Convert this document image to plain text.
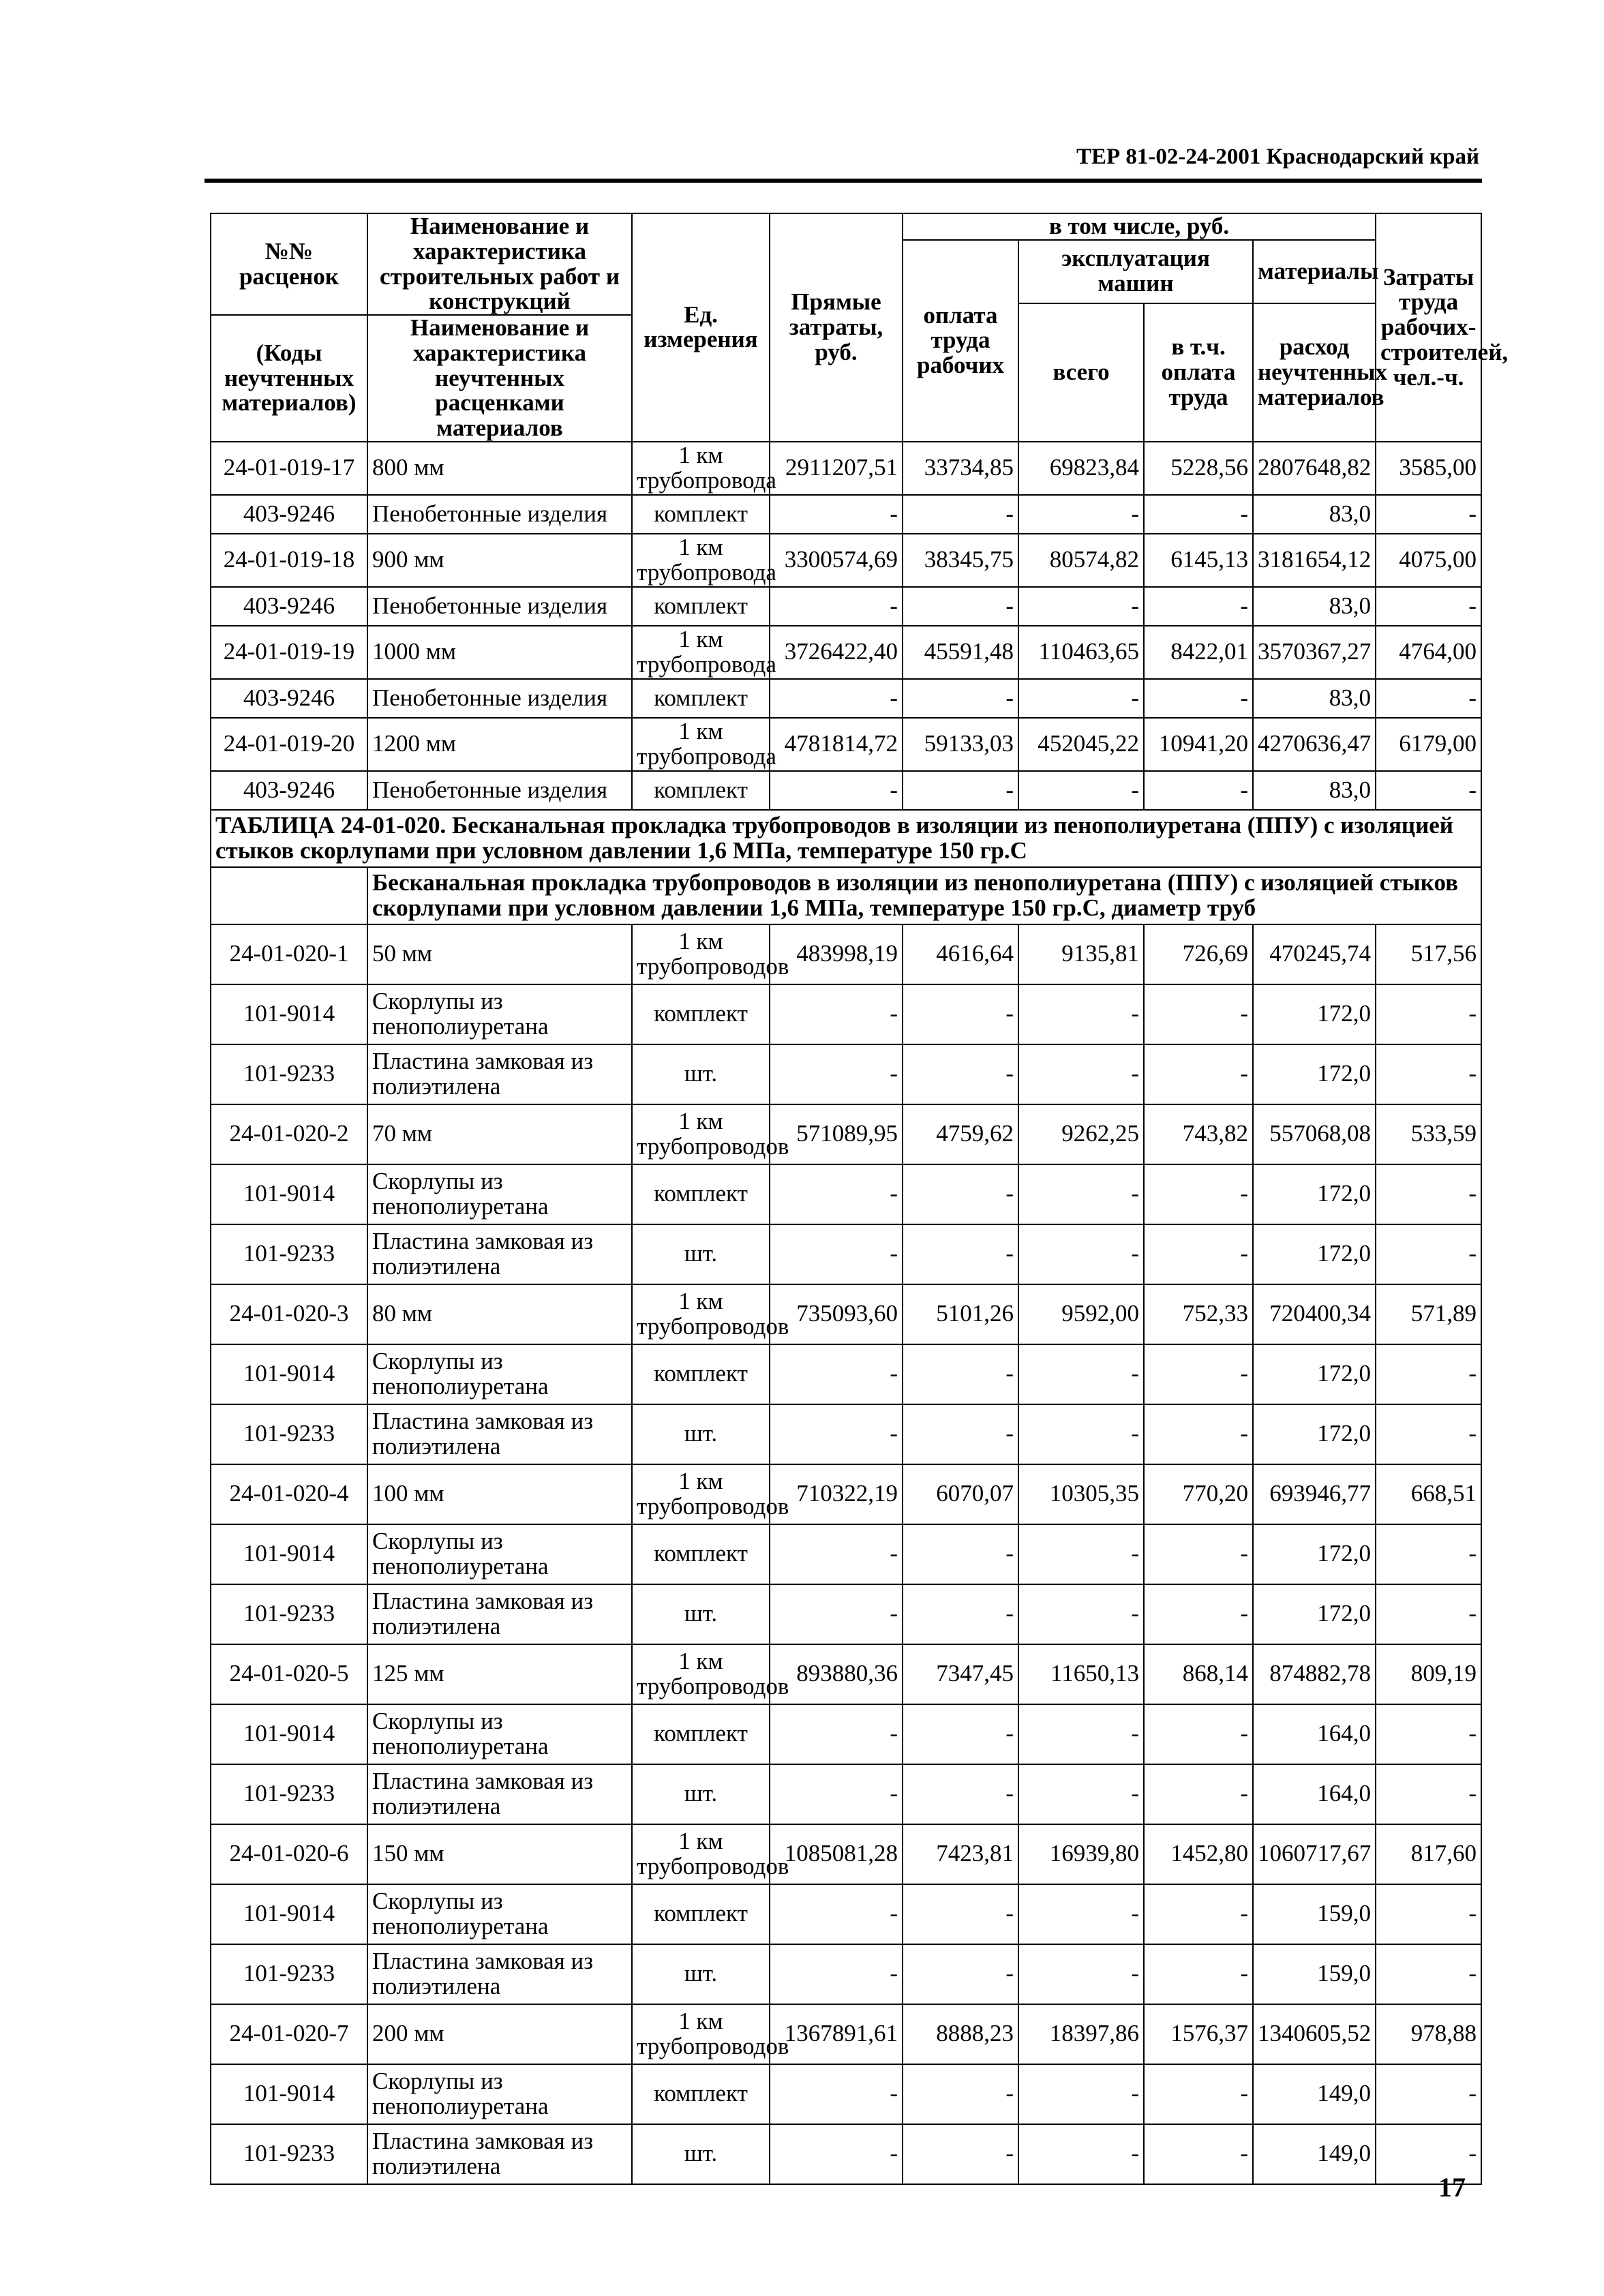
ТЕР 81-02-24-2001 Краснодарский край
№№ расценок	Наименование и характеристика строительных работ и конструкций	Ед. измерения	Прямые затраты, руб.	в том числе, руб.				Затраты труда рабочих-строителей, чел.-ч.
				оплата труда рабочих	эксплуатация машин		материалы	
					всего	в т.ч. оплата труда	расход неучтенных материалов	
(Коды неучтенных материалов)	Наименование и характеристика неучтенных расценками материалов							

24-01-019-17	800 мм	1 км трубопровода	2911207,51	33734,85	69823,84	5228,56	2807648,82	3585,00
403-9246	Пенобетонные изделия	комплект	-	-	-	-	83,0	-
24-01-019-18	900 мм	1 км трубопровода	3300574,69	38345,75	80574,82	6145,13	3181654,12	4075,00
403-9246	Пенобетонные изделия	комплект	-	-	-	-	83,0	-
24-01-019-19	1000 мм	1 км трубопровода	3726422,40	45591,48	110463,65	8422,01	3570367,27	4764,00
403-9246	Пенобетонные изделия	комплект	-	-	-	-	83,0	-
24-01-019-20	1200 мм	1 км трубопровода	4781814,72	59133,03	452045,22	10941,20	4270636,47	6179,00
403-9246	Пенобетонные изделия	комплект	-	-	-	-	83,0	-
ТАБЛИЦА 24-01-020. Бесканальная прокладка трубопроводов в изоляции из пенополиуретана (ППУ) с изоляцией стыков скорлупами при условном давлении 1,6 МПа, температуре 150 гр.С								
	Бесканальная прокладка трубопроводов в изоляции из пенополиуретана (ППУ) с изоляцией стыков скорлупами при условном давлении 1,6 МПа, температуре 150 гр.С, диаметр труб							
24-01-020-1	50 мм	1 км трубопроводов	483998,19	4616,64	9135,81	726,69	470245,74	517,56
101-9014	Скорлупы из пенополиуретана	комплект	-	-	-	-	172,0	-
101-9233	Пластина замковая из полиэтилена	шт.	-	-	-	-	172,0	-
24-01-020-2	70 мм	1 км трубопроводов	571089,95	4759,62	9262,25	743,82	557068,08	533,59
101-9014	Скорлупы из пенополиуретана	комплект	-	-	-	-	172,0	-
101-9233	Пластина замковая из полиэтилена	шт.	-	-	-	-	172,0	-
24-01-020-3	80 мм	1 км трубопроводов	735093,60	5101,26	9592,00	752,33	720400,34	571,89
101-9014	Скорлупы из пенополиуретана	комплект	-	-	-	-	172,0	-
101-9233	Пластина замковая из полиэтилена	шт.	-	-	-	-	172,0	-
24-01-020-4	100 мм	1 км трубопроводов	710322,19	6070,07	10305,35	770,20	693946,77	668,51
101-9014	Скорлупы из пенополиуретана	комплект	-	-	-	-	172,0	-
101-9233	Пластина замковая из полиэтилена	шт.	-	-	-	-	172,0	-
24-01-020-5	125 мм	1 км трубопроводов	893880,36	7347,45	11650,13	868,14	874882,78	809,19
101-9014	Скорлупы из пенополиуретана	комплект	-	-	-	-	164,0	-
101-9233	Пластина замковая из полиэтилена	шт.	-	-	-	-	164,0	-
24-01-020-6	150 мм	1 км трубопроводов	1085081,28	7423,81	16939,80	1452,80	1060717,67	817,60
101-9014	Скорлупы из пенополиуретана	комплект	-	-	-	-	159,0	-
101-9233	Пластина замковая из полиэтилена	шт.	-	-	-	-	159,0	-
24-01-020-7	200 мм	1 км трубопроводов	1367891,61	8888,23	18397,86	1576,37	1340605,52	978,88
101-9014	Скорлупы из пенополиуретана	комплект	-	-	-	-	149,0	-
101-9233	Пластина замковая из полиэтилена	шт.	-	-	-	-	149,0	-
17
